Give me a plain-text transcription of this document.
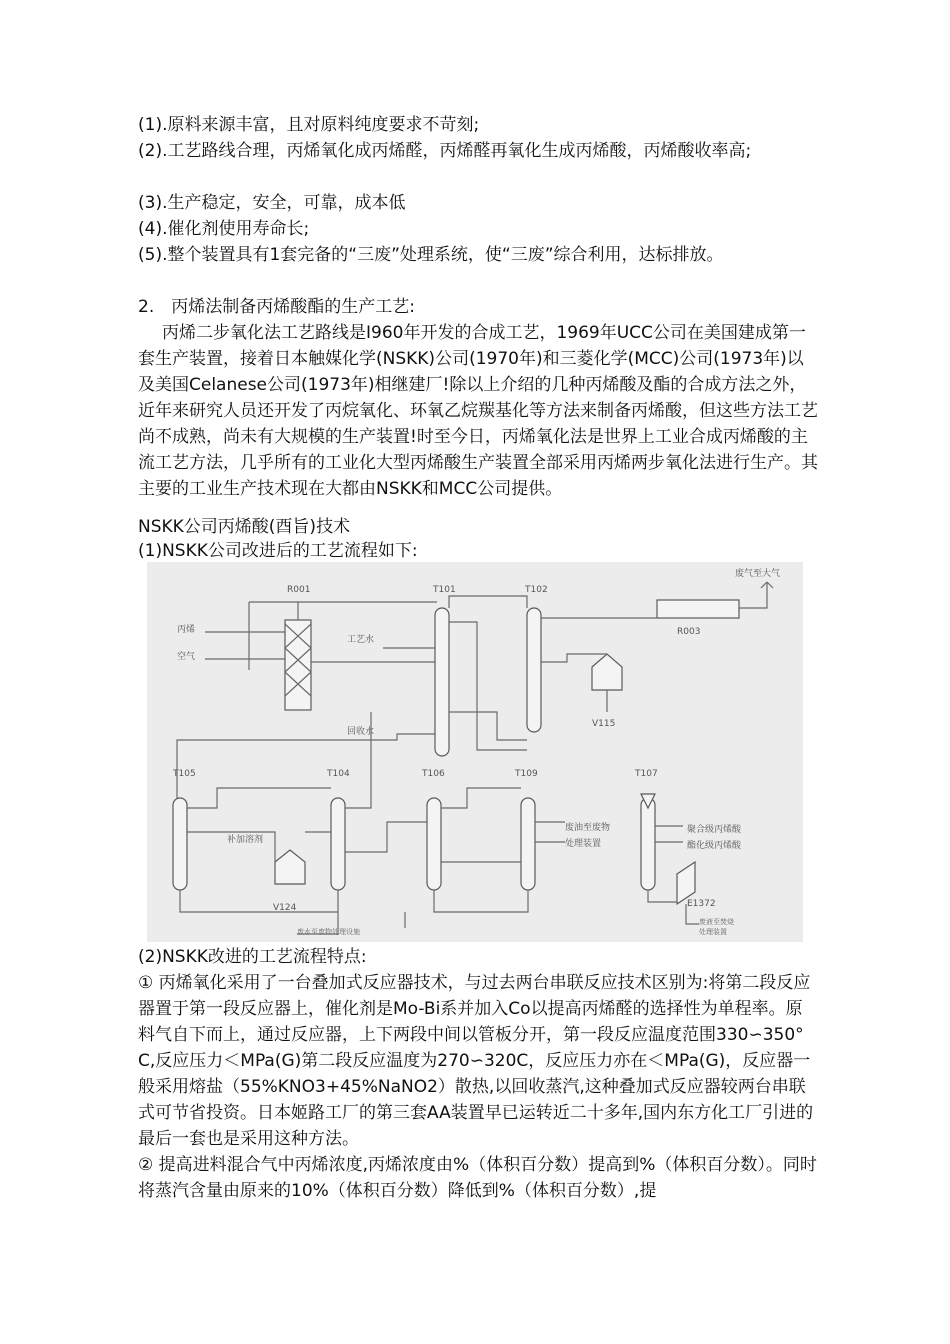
(1).原料来源丰富，且对原料纯度要求不苛刻;

(2).工艺路线合理，丙烯氧化成丙烯醛，丙烯醛再氧化生成丙烯酸，丙烯酸收率高;

(3).生产稳定，安全，可靠，成本低

(4).催化剂使用寿命长;

(5).整个装置具有1套完备的“三废”处理系统，使“三废”综合利用，达标排放。

2.　丙烯法制备丙烯酸酯的生产工艺:

丙烯二步氧化法工艺路线是I960年开发的合成工艺，1969年UCC公司在美国建成第一套生产装置，接着日本触媒化学(NSKK)公司(1970年)和三菱化学(MCC)公司(1973年)以及美国Celanese公司(1973年)相继建厂!除以上介绍的几种丙烯酸及酯的合成方法之外，近年来研究人员还开发了丙烷氧化、环氧乙烷羰基化等方法来制备丙烯酸，但这些方法工艺尚不成熟，尚未有大规模的生产装置!时至今日，丙烯氧化法是世界上工业合成丙烯酸的主流工艺方法，几乎所有的工业化大型丙烯酸生产装置全部采用丙烯两步氧化法进行生产。其主要的工业生产技术现在大都由NSKK和MCC公司提供。

NSKK公司丙烯酸(酉旨)技术

(1)NSKK公司改进后的工艺流程如下:

R001	T101	T102
废气至大气
R003
丙烯
空气
工艺水
V115
回收水
T105	T104	T106	T109	T107
补加溶剂
V124
废油至废物
处理装置
聚合级丙烯酸
酯化级丙烯酸
E1372
废水至废物处理设施
废液至焚烧
处理装置

(2)NSKK改进的工艺流程特点:

① 丙烯氧化采用了一台叠加式反应器技术，与过去两台串联反应技术区别为:将第二段反应器置于第一段反应器上，催化剂是Mo-Bi系并加入Co以提高丙烯醛的选择性为单程率。原料气自下而上，通过反应器，上下两段中间以管板分开，第一段反应温度范围330∽350° C,反应压力＜MPa(G)第二段反应温度为270∽320C，反应压力亦在＜MPa(G)，反应器一般采用熔盐（55%KNO3+45%NaNO2）散热,以回收蒸汽,这种叠加式反应器较两台串联式可节省投资。日本姬路工厂的第三套AA装置早已运转近二十多年,国内东方化工厂引进的最后一套也是采用这种方法。

② 提高进料混合气中丙烯浓度,丙烯浓度由%（体积百分数）提高到%（体积百分数）。同时将蒸汽含量由原来的10%（体积百分数）降低到%（体积百分数）,提
